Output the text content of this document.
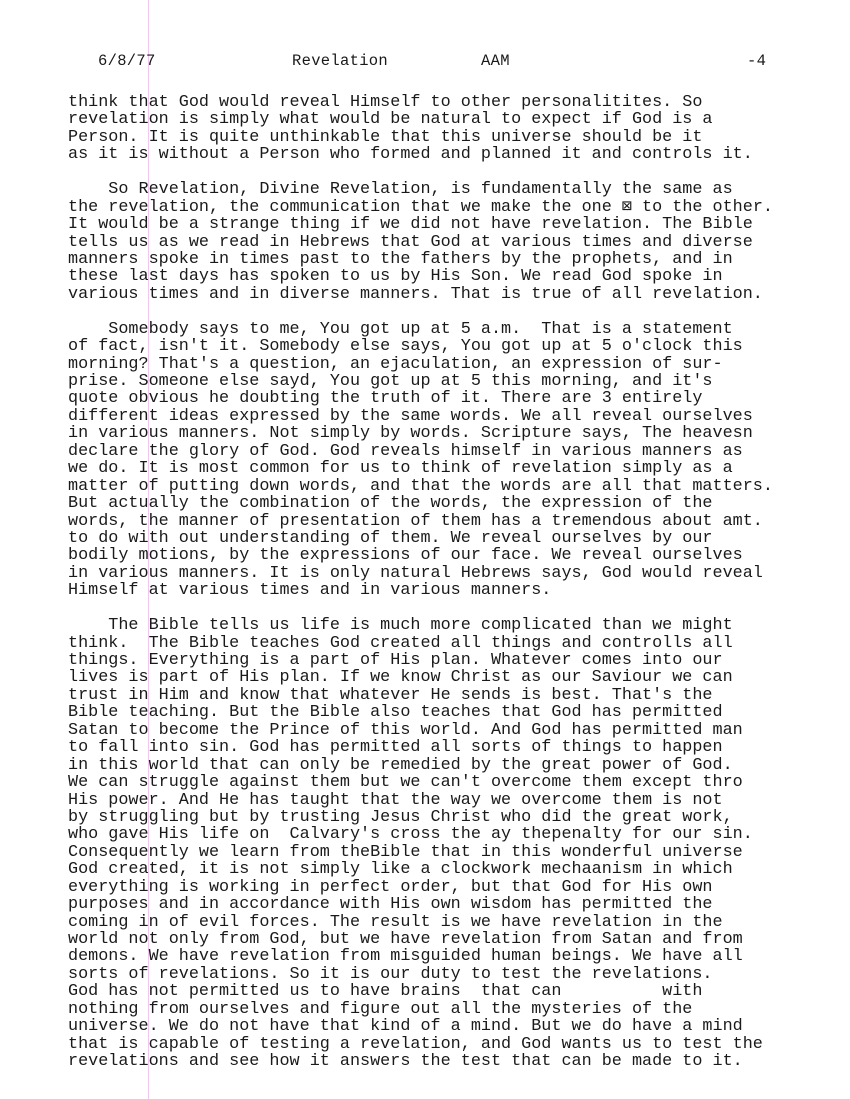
6/8/77	Revelation	AAM	-4
think that God would reveal Himself to other personalitites. So
revelation is simply what would be natural to expect if God is a
Person. It is quite unthinkable that this universe should be it
as it is without a Person who formed and planned it and controls it.
So Revelation, Divine Revelation, is fundamentally the same as
the revelation, the communication that we make the one ⊠ to the other.
It would be a strange thing if we did not have revelation. The Bible
tells us as we read in Hebrews that God at various times and diverse
manners spoke in times past to the fathers by the prophets, and in
these last days has spoken to us by His Son. We read God spoke in
various times and in diverse manners. That is true of all revelation.
Somebody says to me, You got up at 5 a.m.  That is a statement
of fact, isn't it. Somebody else says, You got up at 5 o'clock this
morning? That's a question, an ejaculation, an expression of sur-
prise. Someone else sayd, You got up at 5 this morning, and it's
quote obvious he doubting the truth of it. There are 3 entirely
different ideas expressed by the same words. We all reveal ourselves
in various manners. Not simply by words. Scripture says, The heavesn
declare the glory of God. God reveals himself in various manners as
we do. It is most common for us to think of revelation simply as a
matter of putting down words, and that the words are all that matters.
But actually the combination of the words, the expression of the
words, the manner of presentation of them has a tremendous about amt.
to do with out understanding of them. We reveal ourselves by our
bodily motions, by the expressions of our face. We reveal ourselves
in various manners. It is only natural Hebrews says, God would reveal
Himself at various times and in various manners.
The Bible tells us life is much more complicated than we might
think.  The Bible teaches God created all things and controlls all
things. Everything is a part of His plan. Whatever comes into our
lives is part of His plan. If we know Christ as our Saviour we can
trust in Him and know that whatever He sends is best. That's the
Bible teaching. But the Bible also teaches that God has permitted
Satan to become the Prince of this world. And God has permitted man
to fall into sin. God has permitted all sorts of things to happen
in this world that can only be remedied by the great power of God.
We can struggle against them but we can't overcome them except thro
His power. And He has taught that the way we overcome them is not
by struggling but by trusting Jesus Christ who did the great work,
who gave His life on  Calvary's cross the ay thepenalty for our sin.
Consequently we learn from theBible that in this wonderful universe
God created, it is not simply like a clockwork mechaanism in which
everything is working in perfect order, but that God for His own
purposes and in accordance with His own wisdom has permitted the
coming in of evil forces. The result is we have revelation in the
world not only from God, but we have revelation from Satan and from
demons. We have revelation from misguided human beings. We have all
sorts of revelations. So it is our duty to test the revelations.
God has not permitted us to have brains  that can          with
nothing from ourselves and figure out all the mysteries of the
universe. We do not have that kind of a mind. But we do have a mind
that is capable of testing a revelation, and God wants us to test the
revelations and see how it answers the test that can be made to it.
